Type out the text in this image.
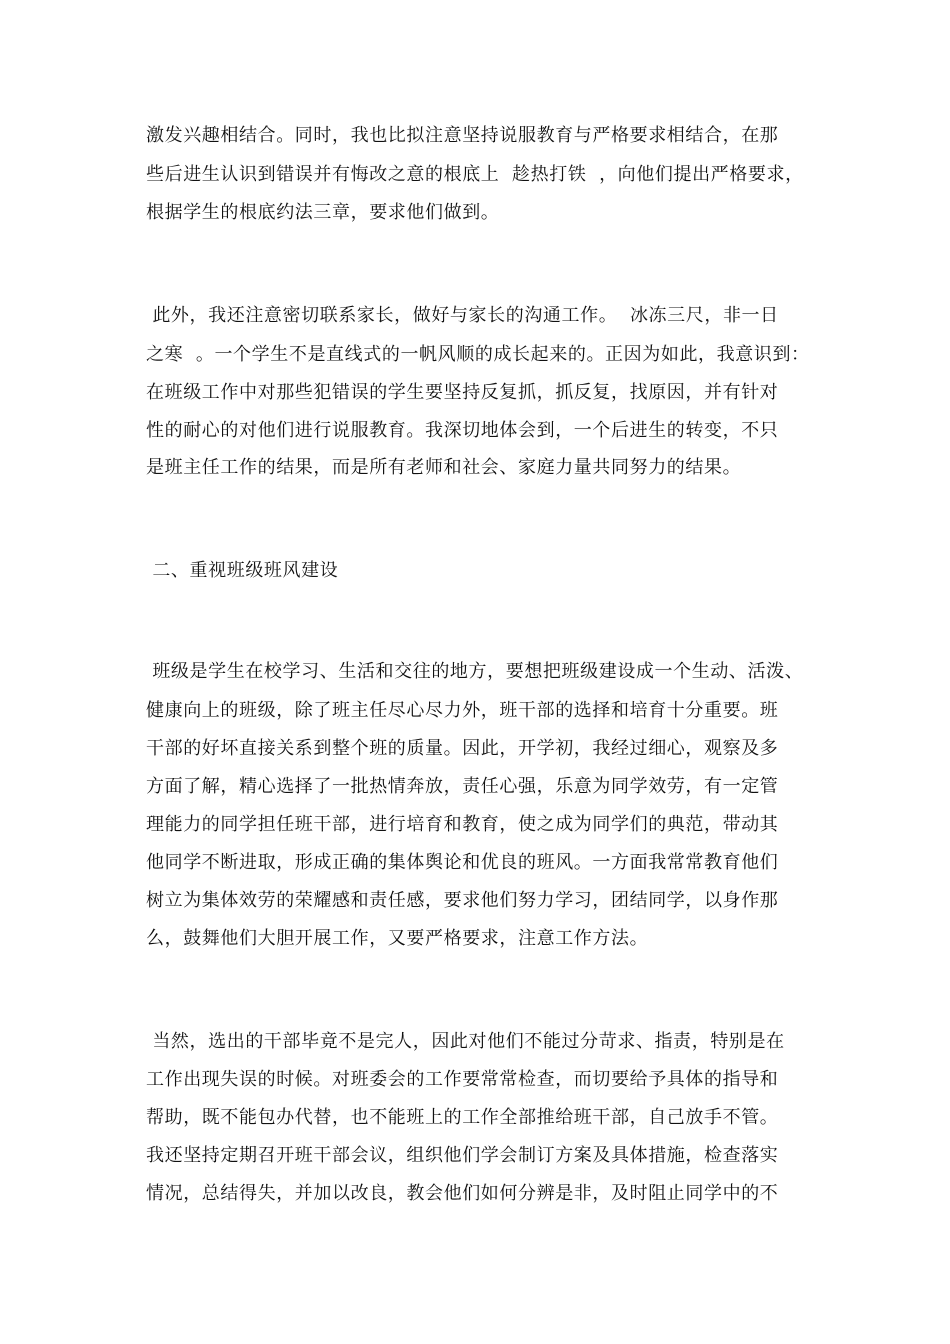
激发兴趣相结合。同时，我也比拟注意坚持说服教育与严格要求相结合，在那
些后进生认识到错误并有悔改之意的根底上  趁热打铁  ，向他们提出严格要求，
根据学生的根底约法三章，要求他们做到。
此外，我还注意密切联系家长，做好与家长的沟通工作。  冰冻三尺，非一日
之寒  。一个学生不是直线式的一帆风顺的成长起来的。正因为如此，我意识到：
在班级工作中对那些犯错误的学生要坚持反复抓，抓反复，找原因，并有针对
性的耐心的对他们进行说服教育。我深切地体会到，一个后进生的转变，不只
是班主任工作的结果，而是所有老师和社会、家庭力量共同努力的结果。
二、重视班级班风建设
班级是学生在校学习、生活和交往的地方，要想把班级建设成一个生动、活泼、
健康向上的班级，除了班主任尽心尽力外，班干部的选择和培育十分重要。班
干部的好坏直接关系到整个班的质量。因此，开学初，我经过细心，观察及多
方面了解，精心选择了一批热情奔放，责任心强，乐意为同学效劳，有一定管
理能力的同学担任班干部，进行培育和教育，使之成为同学们的典范，带动其
他同学不断进取，形成正确的集体舆论和优良的班风。一方面我常常教育他们
树立为集体效劳的荣耀感和责任感，要求他们努力学习，团结同学，以身作那
么，鼓舞他们大胆开展工作，又要严格要求，注意工作方法。
当然，选出的干部毕竟不是完人，因此对他们不能过分苛求、指责，特别是在
工作出现失误的时候。对班委会的工作要常常检查，而切要给予具体的指导和
帮助，既不能包办代替，也不能班上的工作全部推给班干部，自己放手不管。
我还坚持定期召开班干部会议，组织他们学会制订方案及具体措施，检查落实
情况，总结得失，并加以改良，教会他们如何分辨是非，及时阻止同学中的不
